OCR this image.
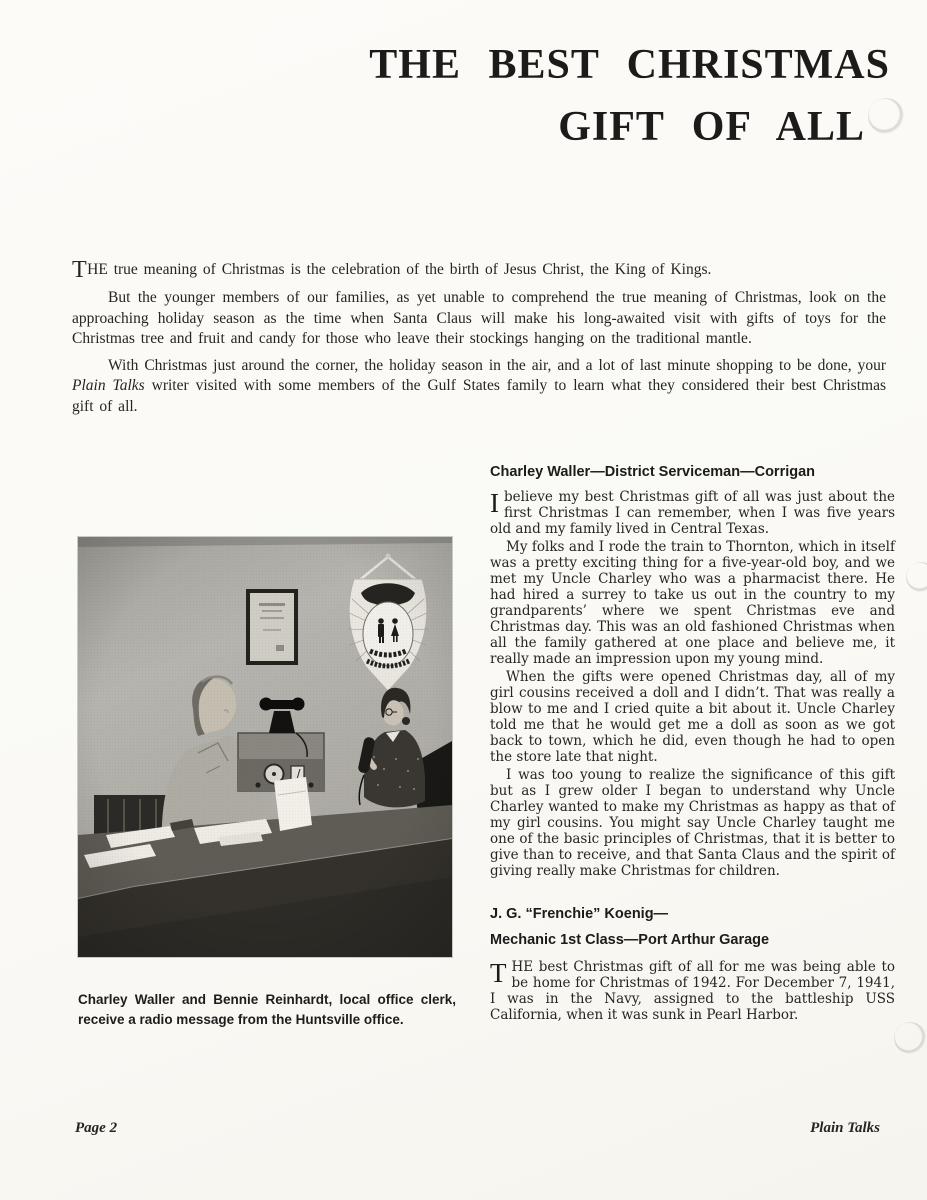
THE BEST CHRISTMAS
GIFT OF ALL

THE true meaning of Christmas is the celebration of the birth of Jesus Christ, the King of Kings.

But the younger members of our families, as yet unable to comprehend the true meaning of Christmas, look on the approaching holiday season as the time when Santa Claus will make his long-awaited visit with gifts of toys for the Christmas tree and fruit and candy for those who leave their stockings hanging on the traditional mantle.

With Christmas just around the corner, the holiday season in the air, and a lot of last minute shopping to be done, your Plain Talks writer visited with some members of the Gulf States family to learn what they considered their best Christmas gift of all.

Charley Waller and Bennie Reinhardt, local office clerk, receive a radio message from the Huntsville office.
Charley Waller—District Serviceman—Corrigan

Ibelieve my best Christmas gift of all was just about the first Christmas I can remember, when I was five years old and my family lived in Central Texas.

My folks and I rode the train to Thornton, which in itself was a pretty exciting thing for a five-year-old boy, and we met my Uncle Charley who was a pharmacist there. He had hired a surrey to take us out in the country to my grandparents’ where we spent Christmas eve and Christmas day. This was an old fashioned Christmas when all the family gathered at one place and believe me, it really made an impression upon my young mind.

When the gifts were opened Christmas day, all of my girl cousins received a doll and I didn’t. That was really a blow to me and I cried quite a bit about it. Uncle Charley told me that he would get me a doll as soon as we got back to town, which he did, even though he had to open the store late that night.

I was too young to realize the significance of this gift but as I grew older I began to understand why Uncle Charley wanted to make my Christmas as happy as that of my girl cousins. You might say Uncle Charley taught me one of the basic principles of Christmas, that it is better to give than to receive, and that Santa Claus and the spirit of giving really make Christmas for children.

J. G. “Frenchie” Koenig—
Mechanic 1st Class—Port Arthur Garage

THE best Christmas gift of all for me was being able to be home for Christmas of 1942. For December 7, 1941, I was in the Navy, assigned to the battleship USS California, when it was sunk in Pearl Harbor.

Page 2	Plain Talks
